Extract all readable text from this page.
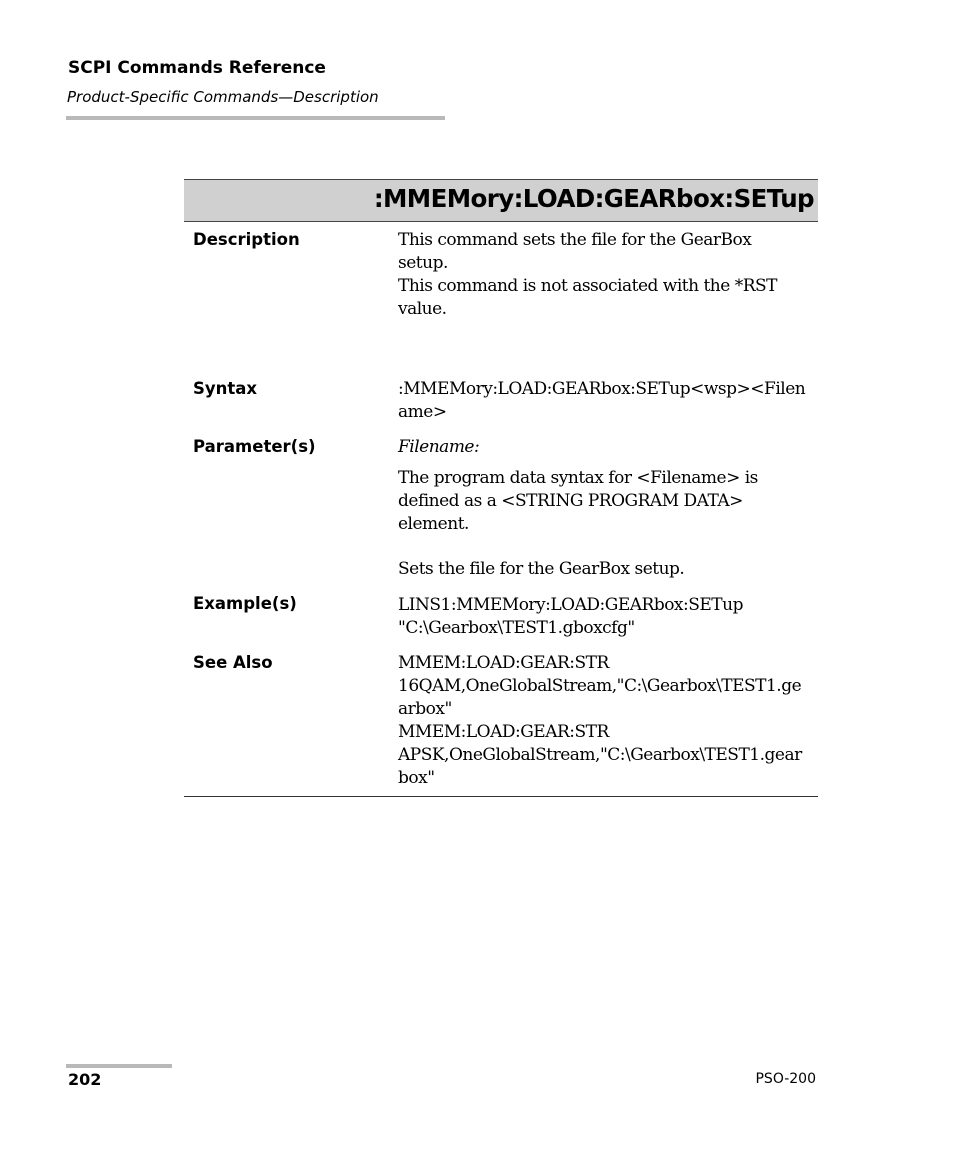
SCPI Commands Reference
Product-Specific Commands—Description
:MMEMory:LOAD:GEARbox:SETup
Description	This command sets the file for the GearBox
setup.
This command is not associated with the *RST
value.
Syntax	:MMEMory:LOAD:GEARbox:SETup<wsp><Filen
ame>
Parameter(s)	Filename:
The program data syntax for <Filename> is
defined as a <STRING PROGRAM DATA>
element.
Sets the file for the GearBox setup.
Example(s)	LINS1:MMEMory:LOAD:GEARbox:SETup
"C:\Gearbox\TEST1.gboxcfg"
See Also	MMEM:LOAD:GEAR:STR
16QAM,OneGlobalStream,"C:\Gearbox\TEST1.ge
arbox"
MMEM:LOAD:GEAR:STR
APSK,OneGlobalStream,"C:\Gearbox\TEST1.gear
box"
202	PSO-200
